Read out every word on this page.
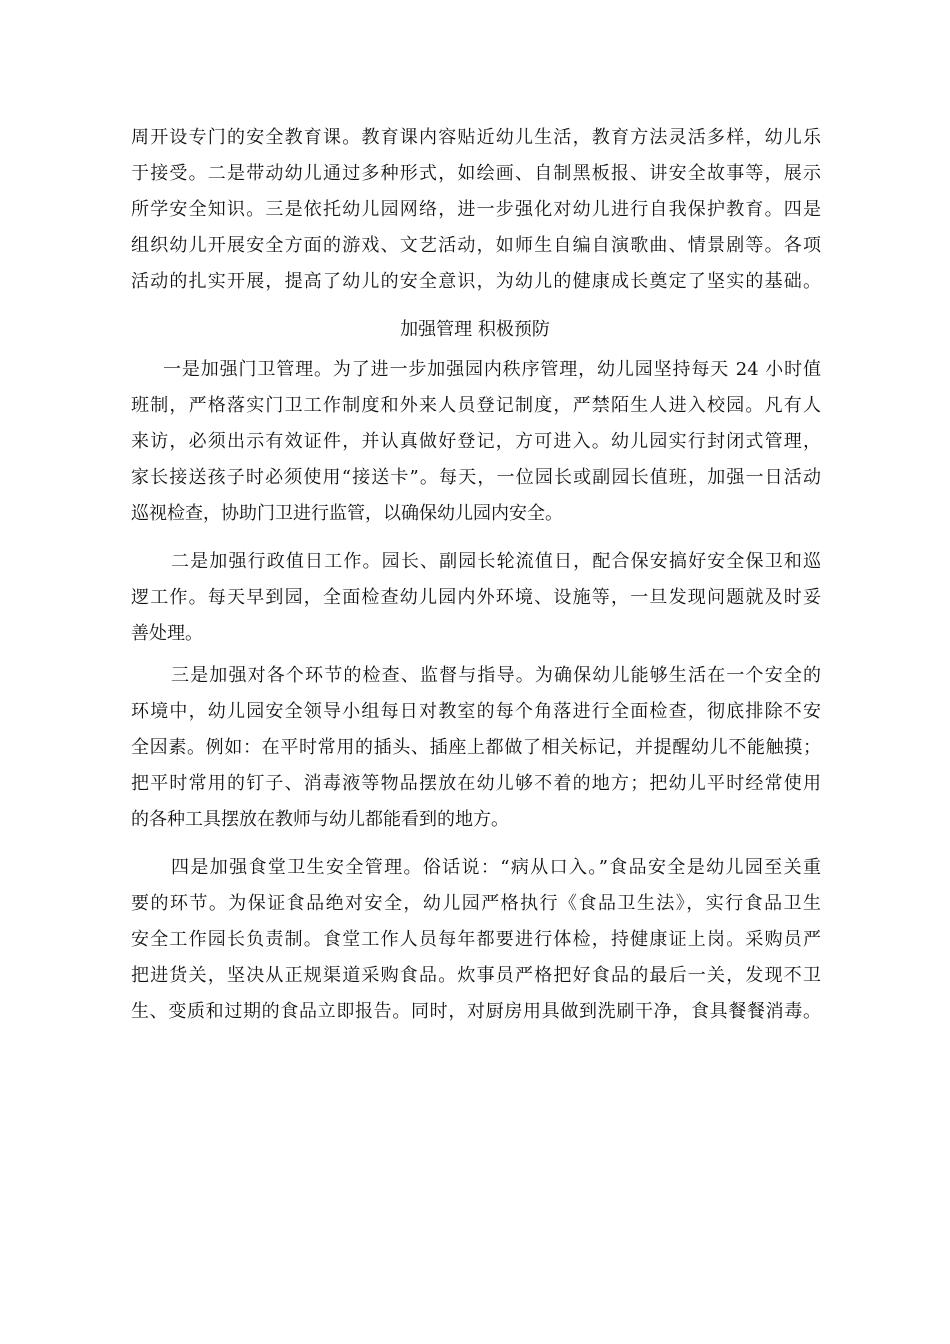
周开设专门的安全教育课。教育课内容贴近幼儿生活，教育方法灵活多样，幼儿乐
于接受。二是带动幼儿通过多种形式，如绘画、自制黑板报、讲安全故事等，展示
所学安全知识。三是依托幼儿园网络，进一步强化对幼儿进行自我保护教育。四是
组织幼儿开展安全方面的游戏、文艺活动，如师生自编自演歌曲、情景剧等。各项
活动的扎实开展，提高了幼儿的安全意识，为幼儿的健康成长奠定了坚实的基础。
加强管理 积极预防
一是加强门卫管理。为了进一步加强园内秩序管理，幼儿园坚持每天 24 小时值
班制，严格落实门卫工作制度和外来人员登记制度，严禁陌生人进入校园。凡有人
来访，必须出示有效证件，并认真做好登记，方可进入。幼儿园实行封闭式管理，
家长接送孩子时必须使用“接送卡”。每天，一位园长或副园长值班，加强一日活动
巡视检查，协助门卫进行监管，以确保幼儿园内安全。
二是加强行政值日工作。园长、副园长轮流值日，配合保安搞好安全保卫和巡
逻工作。每天早到园，全面检查幼儿园内外环境、设施等，一旦发现问题就及时妥
善处理。
三是加强对各个环节的检查、监督与指导。为确保幼儿能够生活在一个安全的
环境中，幼儿园安全领导小组每日对教室的每个角落进行全面检查，彻底排除不安
全因素。例如：在平时常用的插头、插座上都做了相关标记，并提醒幼儿不能触摸；
把平时常用的钉子、消毒液等物品摆放在幼儿够不着的地方；把幼儿平时经常使用
的各种工具摆放在教师与幼儿都能看到的地方。
四是加强食堂卫生安全管理。俗话说：“病从口入。”食品安全是幼儿园至关重
要的环节。为保证食品绝对安全，幼儿园严格执行《食品卫生法》，实行食品卫生
安全工作园长负责制。食堂工作人员每年都要进行体检，持健康证上岗。采购员严
把进货关，坚决从正规渠道采购食品。炊事员严格把好食品的最后一关，发现不卫
生、变质和过期的食品立即报告。同时，对厨房用具做到洗刷干净，食具餐餐消毒。
